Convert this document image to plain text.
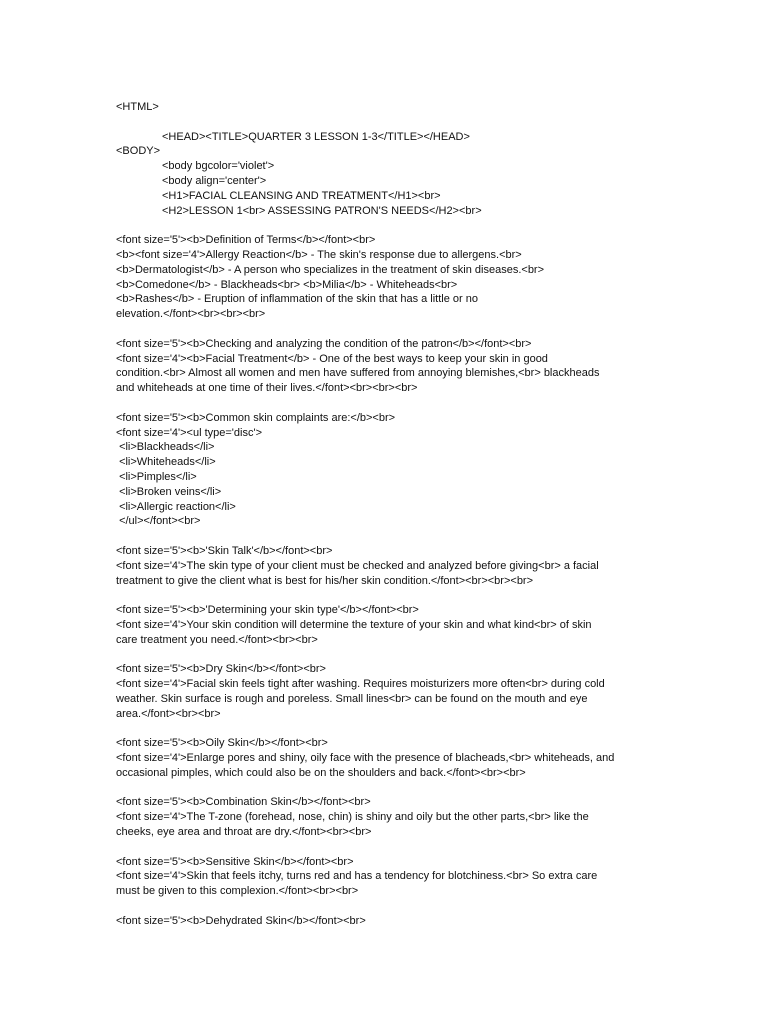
<HTML>
<HEAD><TITLE>QUARTER 3 LESSON 1-3</TITLE></HEAD>
<BODY>
<body bgcolor='violet'>
<body align='center'>
<H1>FACIAL CLEANSING AND TREATMENT</H1><br>
<H2>LESSON 1<br> ASSESSING PATRON'S NEEDS</H2><br>
<font size='5'><b>Definition of Terms</b></font><br>
<b><font size='4'>Allergy Reaction</b> - The skin's response due to allergens.<br>
<b>Dermatologist</b> - A person who specializes in the treatment of skin diseases.<br>
<b>Comedone</b> - Blackheads<br> <b>Milia</b> - Whiteheads<br>
<b>Rashes</b> - Eruption of inflammation of the skin that has a little or no
elevation.</font><br><br><br>
<font size='5'><b>Checking and analyzing the condition of the patron</b></font><br>
<font size='4'><b>Facial Treatment</b> - One of the best ways to keep your skin in good
condition.<br> Almost all women and men have suffered from annoying blemishes,<br> blackheads
and whiteheads at one time of their lives.</font><br><br><br>
<font size='5'><b>Common skin complaints are:</b><br>
<font size='4'><ul type='disc'>
<li>Blackheads</li>
<li>Whiteheads</li>
<li>Pimples</li>
<li>Broken veins</li>
<li>Allergic reaction</li>
</ul></font><br>
<font size='5'><b>'Skin Talk'</b></font><br>
<font size='4'>The skin type of your client must be checked and analyzed before giving<br> a facial
treatment to give the client what is best for his/her skin condition.</font><br><br><br>
<font size='5'><b>'Determining your skin type'</b></font><br>
<font size='4'>Your skin condition will determine the texture of your skin and what kind<br> of skin
care treatment you need.</font><br><br>
<font size='5'><b>Dry Skin</b></font><br>
<font size='4'>Facial skin feels tight after washing. Requires moisturizers more often<br> during cold
weather. Skin surface is rough and poreless. Small lines<br> can be found on the mouth and eye
area.</font><br><br>
<font size='5'><b>Oily Skin</b></font><br>
<font size='4'>Enlarge pores and shiny, oily face with the presence of blacheads,<br> whiteheads, and
occasional pimples, which could also be on the shoulders and back.</font><br><br>
<font size='5'><b>Combination Skin</b></font><br>
<font size='4'>The T-zone (forehead, nose, chin) is shiny and oily but the other parts,<br> like the
cheeks, eye area and throat are dry.</font><br><br>
<font size='5'><b>Sensitive Skin</b></font><br>
<font size='4'>Skin that feels itchy, turns red and has a tendency for blotchiness.<br> So extra care
must be given to this complexion.</font><br><br>
<font size='5'><b>Dehydrated Skin</b></font><br>
